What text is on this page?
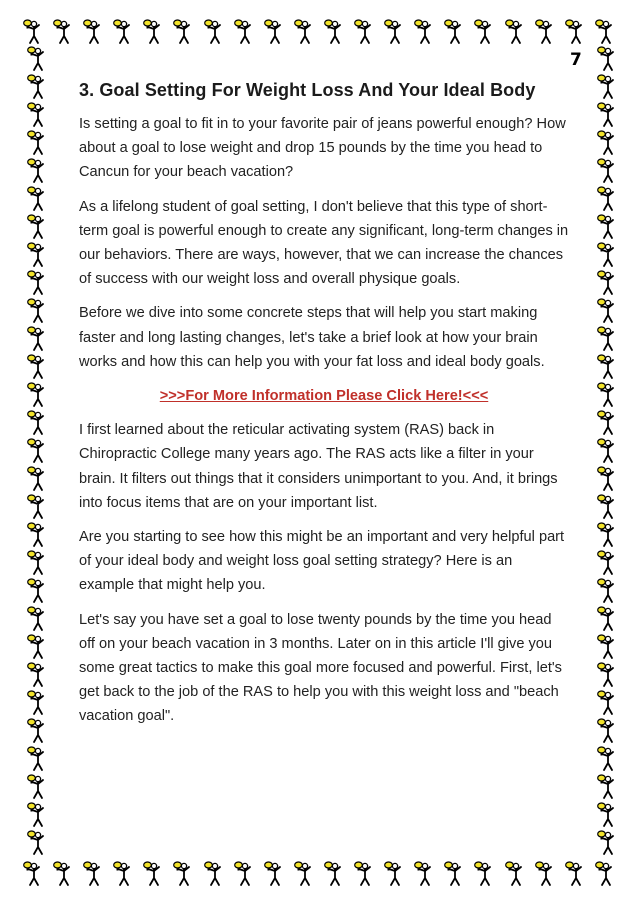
7
3. Goal Setting For Weight Loss And Your Ideal Body

Is setting a goal to fit in to your favorite pair of jeans powerful enough? How about a goal to lose weight and drop 15 pounds by the time you head to Cancun for your beach vacation?

As a lifelong student of goal setting, I don't believe that this type of short-term goal is powerful enough to create any significant, long-term changes in our behaviors. There are ways, however, that we can increase the chances of success with our weight loss and overall physique goals.

Before we dive into some concrete steps that will help you start making faster and long lasting changes, let's take a brief look at how your brain works and how this can help you with your fat loss and ideal body goals.

>>>For More Information Please Click Here!<<<

I first learned about the reticular activating system (RAS) back in Chiropractic College many years ago. The RAS acts like a filter in your brain. It filters out things that it considers unimportant to you. And, it brings into focus items that are on your important list.

Are you starting to see how this might be an important and very helpful part of your ideal body and weight loss goal setting strategy? Here is an example that might help you.

Let's say you have set a goal to lose twenty pounds by the time you head off on your beach vacation in 3 months. Later on in this article I'll give you some great tactics to make this goal more focused and powerful. First, let's get back to the job of the RAS to help you with this weight loss and "beach vacation goal".
